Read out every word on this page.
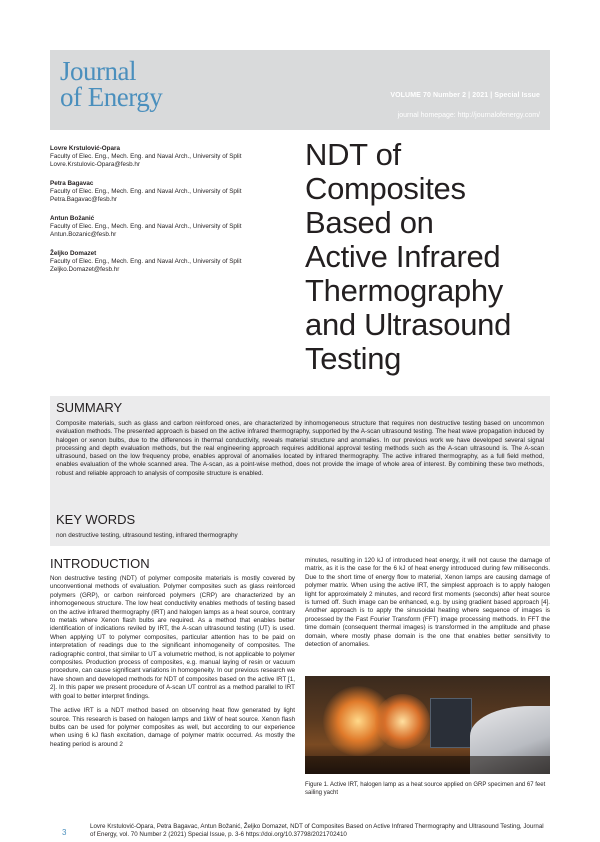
Journal
of Energy	VOLUME 70 Number 2 | 2021 | Special Issue
journal homepage: http://journalofenergy.com/
Lovre Krstulović-Opara
Faculty of Elec. Eng., Mech. Eng. and Naval Arch., University of Split
Lovre.Krstulovic-Opara@fesb.hr
Petra Bagavac
Faculty of Elec. Eng., Mech. Eng. and Naval Arch., University of Split
Petra.Bagavac@fesb.hr
Antun Božanić
Faculty of Elec. Eng., Mech. Eng. and Naval Arch., University of Split
Antun.Bozanic@fesb.hr
Željko Domazet
Faculty of Elec. Eng., Mech. Eng. and Naval Arch., University of Split
Zeljko.Domazet@fesb.hr
NDT of
Composites
Based on
Active Infrared
Thermography
and Ultrasound
Testing
SUMMARY
Composite materials, such as glass and carbon reinforced ones, are characterized by inhomogeneous structure that requires non destructive testing based on uncommon evaluation methods. The presented approach is based on the active infrared thermography, supported by the A-scan ultrasound testing. The heat wave propagation induced by halogen or xenon bulbs, due to the differences in thermal conductivity, reveals material structure and anomalies. In our previous work we have developed several signal processing and depth evaluation methods, but the real engineering approach requires additional approval testing methods such as the A-scan ultrasound is. The A-scan ultrasound, based on the low frequency probe, enables approval of anomalies located by infrared thermography. The active infrared thermography, as a full field method, enables evaluation of the whole scanned area. The A-scan, as a point-wise method, does not provide the image of whole area of interest. By combining these two methods, robust and reliable approach to analysis of composite structure is enabled.
KEY WORDS
non destructive testing, ultrasound testing, infrared thermography
INTRODUCTION

Non destructive testing (NDT) of polymer composite materials is mostly covered by unconventional methods of evaluation. Polymer composites such as glass reinforced polymers (GRP), or carbon reinforced polymers (CRP) are characterized by an inhomogeneous structure. The low heat conductivity enables methods of testing based on the active infrared thermography (IRT) and halogen lamps as a heat source, contrary to metals where Xenon flash bulbs are required. As a method that enables better identification of indications reviled by IRT, the A-scan ultrasound testing (UT) is used. When applying UT to polymer composites, particular attention has to be paid on interpretation of readings due to the significant inhomogeneity of composites. The radiographic control, that similar to UT a volumetric method, is not applicable to polymer composites. Production process of composites, e.g. manual laying of resin or vacuum procedure, can cause significant variations in homogeneity. In our previous research we have shown and developed methods for NDT of composites based on the active IRT [1, 2]. In this paper we present procedure of A-scan UT control as a method parallel to IRT with goal to better interpret findings.

The active IRT is a NDT method based on observing heat flow generated by light source. This research is based on halogen lamps and 1kW of heat source. Xenon flash bulbs can be used for polymer composites as well, but according to our experience when using 6 kJ flash excitation, damage of polymer matrix occurred. As mostly the heating period is around 2

minutes, resulting in 120 kJ of introduced heat energy, it will not cause the damage of matrix, as it is the case for the 6 kJ of heat energy introduced during few milliseconds. Due to the short time of energy flow to material, Xenon lamps are causing damage of polymer matrix. When using the active IRT, the simplest approach is to apply halogen light for approximately 2 minutes, and record first moments (seconds) after heat source is turned off. Such image can be enhanced, e.g. by using gradient based approach [4]. Another approach is to apply the sinusoidal heating where sequence of images is processed by the Fast Fourier Transform (FFT) image processing methods. In FFT the time domain (consequent thermal images) is transformed in the amplitude and phase domain, where mostly phase domain is the one that enables better sensitivity to detection of anomalies.

Figure 1. Active IRT, halogen lamp as a heat source applied on GRP specimen and 67 feet sailing yacht
3
Lovre Krstulović-Opara, Petra Bagavac, Antun Božanić, Željko Domazet, NDT of Composites Based on Active Infrared Thermography and Ultrasound Testing, Journal of Energy, vol. 70 Number 2 (2021) Special Issue, p. 3-6 https://doi.org/10.37798/2021702410
